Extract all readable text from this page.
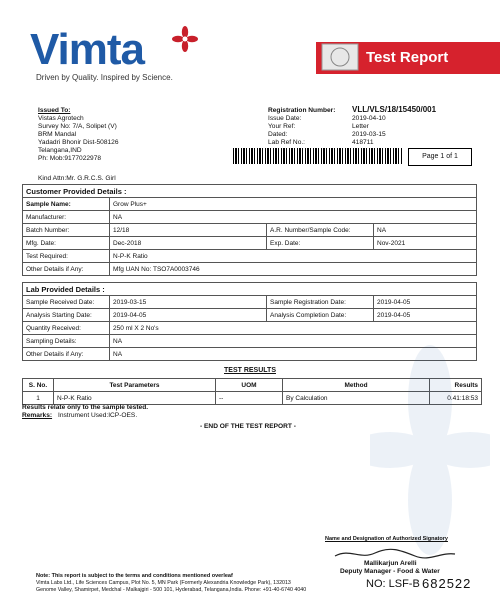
Vimta
Driven by Quality. Inspired by Science.
Test Report
Issued To:
Vistas Agrotech
Survey No: 7/A, Solipet (V)
BRM Mandal
Yadadri Bhonir Dist-508126
Telangana,IND
Ph: Mob:9177022978
Registration Number: VLL/VLS/18/15450/001
Issue Date:	2019-04-10
Your Ref:	Letter
Dated:	2019-03-15
Lab Ref No.:	418711
Page 1 of 1
Kind Attn:Mr. G.R.C.S. Girl
Customer Provided Details :			
Sample Name:	Grow Plus+		
Manufacturer:	NA		
Batch Number:	12/18	A.R. Number/Sample Code:	NA
Mfg. Date:	Dec-2018	Exp. Date:	Nov-2021
Test Required:	N-P-K Ratio		
Other Details if Any:	Mfg UAN No: TSO7A0003746		
Lab Provided Details :			
Sample Received Date:	2019-03-15	Sample Registration Date:	2019-04-05
Analysis Starting Date:	2019-04-05	Analysis Completion Date:	2019-04-05
Quantity Received:	250 ml X 2 No's		
Sampling Details:	NA		
Other Details if Any:	NA		
TEST RESULTS
S. No.	Test Parameters	UOM	Method	Results
1	N-P-K Ratio	--	By Calculation	0.41:18:53
Results relate only to the sample tested.
Remarks: Instrument Used:ICP-OES.
- END OF THE TEST REPORT -
Name and Designation of Authorized Signatory
Mallikarjun Arelli
Deputy Manager - Food & Water
Note: This report is subject to the terms and conditions mentioned overleaf
Vimta Labs Ltd., Life Sciences Campus, Plot No. 5, MN Park (Formerly Alexandria Knowledge Park), 132013
Genome Valley, Shamirpet, Medchal - Malkajgiri - 500 101, Hyderabad, Telangana,India. Phone: +91-40-6740 4040	NO: LSF-B 682522
